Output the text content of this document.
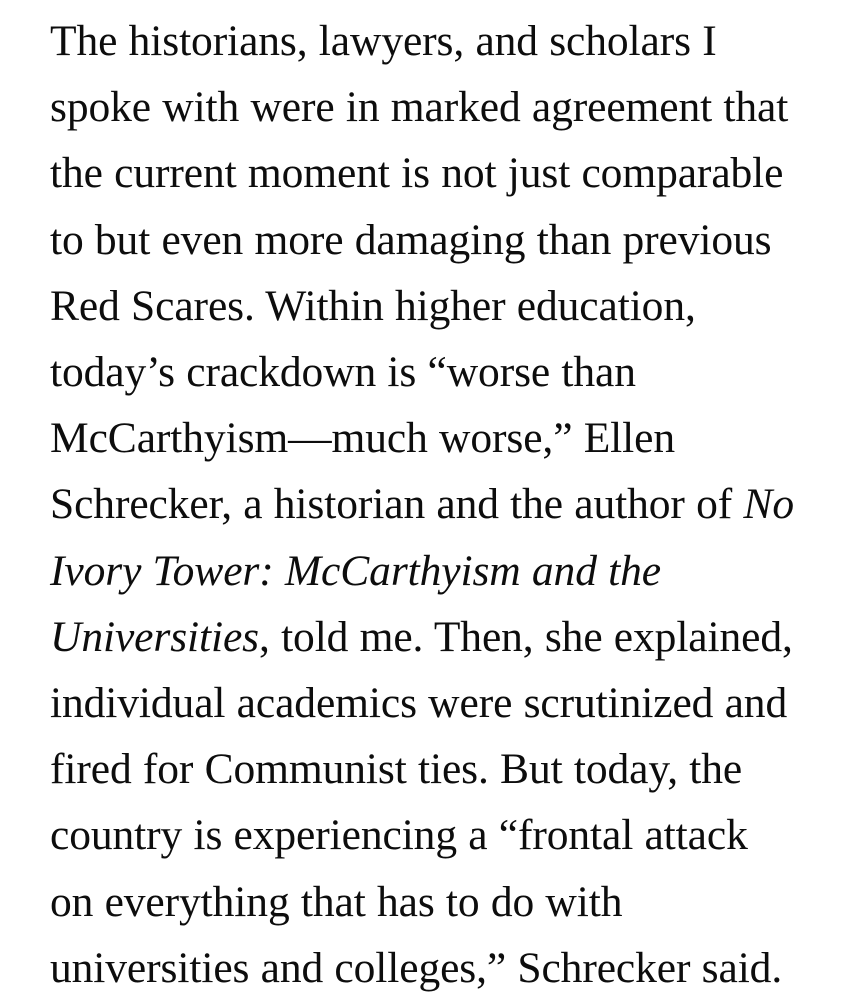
The historians, lawyers, and scholars I spoke with were in marked agreement that the current moment is not just comparable to but even more damaging than previous Red Scares. Within higher education, today’s crackdown is “worse than McCarthyism—much worse,” Ellen Schrecker, a historian and the author of No Ivory Tower: McCarthyism and the Universities, told me. Then, she explained, individual academics were scrutinized and fired for Communist ties. But today, the country is experiencing a “frontal attack on everything that has to do with universities and colleges,” Schrecker said.
